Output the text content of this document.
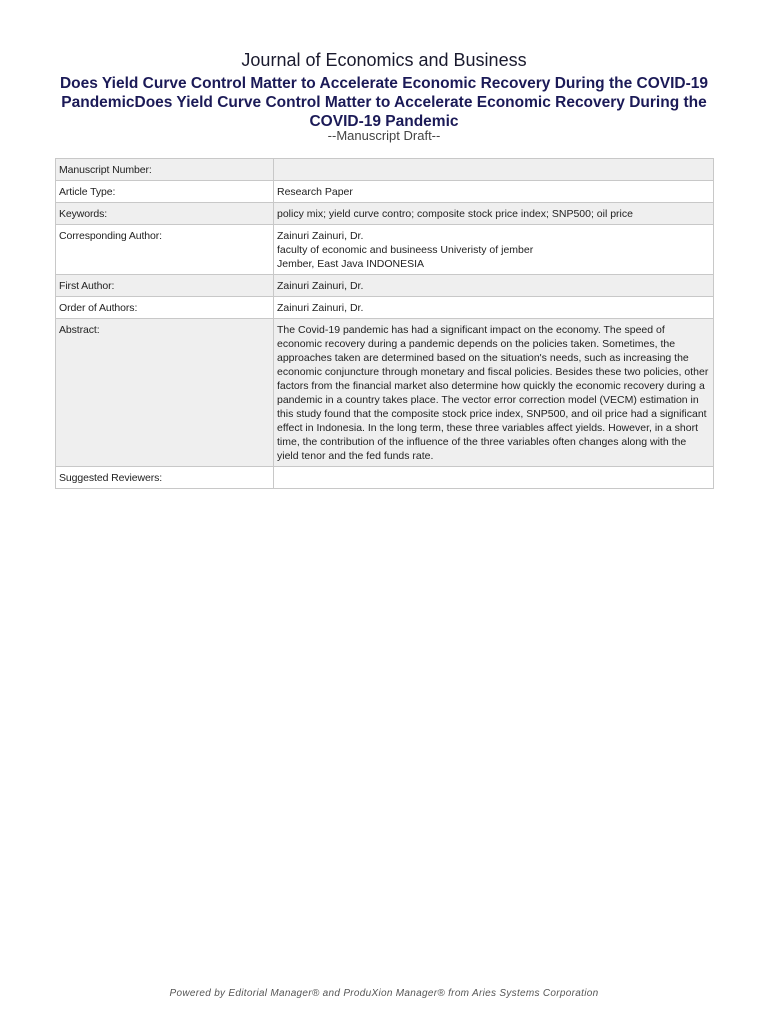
Journal of Economics and Business
Does Yield Curve Control Matter to Accelerate Economic Recovery During the COVID-19 PandemicDoes Yield Curve Control Matter to Accelerate Economic Recovery During the COVID-19 Pandemic
--Manuscript Draft--
Manuscript Number:	
Article Type:	Research Paper
Keywords:	policy mix; yield curve contro; composite stock price index; SNP500; oil price
Corresponding Author:	Zainuri Zainuri, Dr.
faculty of economic and busineess Univeristy of jember
Jember, East Java INDONESIA

First Author:	Zainuri Zainuri, Dr.
Order of Authors:	Zainuri Zainuri, Dr.
Abstract:	The Covid-19 pandemic has had a significant impact on the economy. The speed of economic recovery during a pandemic depends on the policies taken. Sometimes, the approaches taken are determined based on the situation's needs, such as increasing the economic conjuncture through monetary and fiscal policies. Besides these two policies, other factors from the financial market also determine how quickly the economic recovery during a pandemic in a country takes place. The vector error correction model (VECM) estimation in this study found that the composite stock price index, SNP500, and oil price had a significant effect in Indonesia. In the long term, these three variables affect yields. However, in a short time, the contribution of the influence of the three variables often changes along with the yield tenor and the fed funds rate.
Suggested Reviewers:	
Powered by Editorial Manager® and ProduXion Manager® from Aries Systems Corporation
